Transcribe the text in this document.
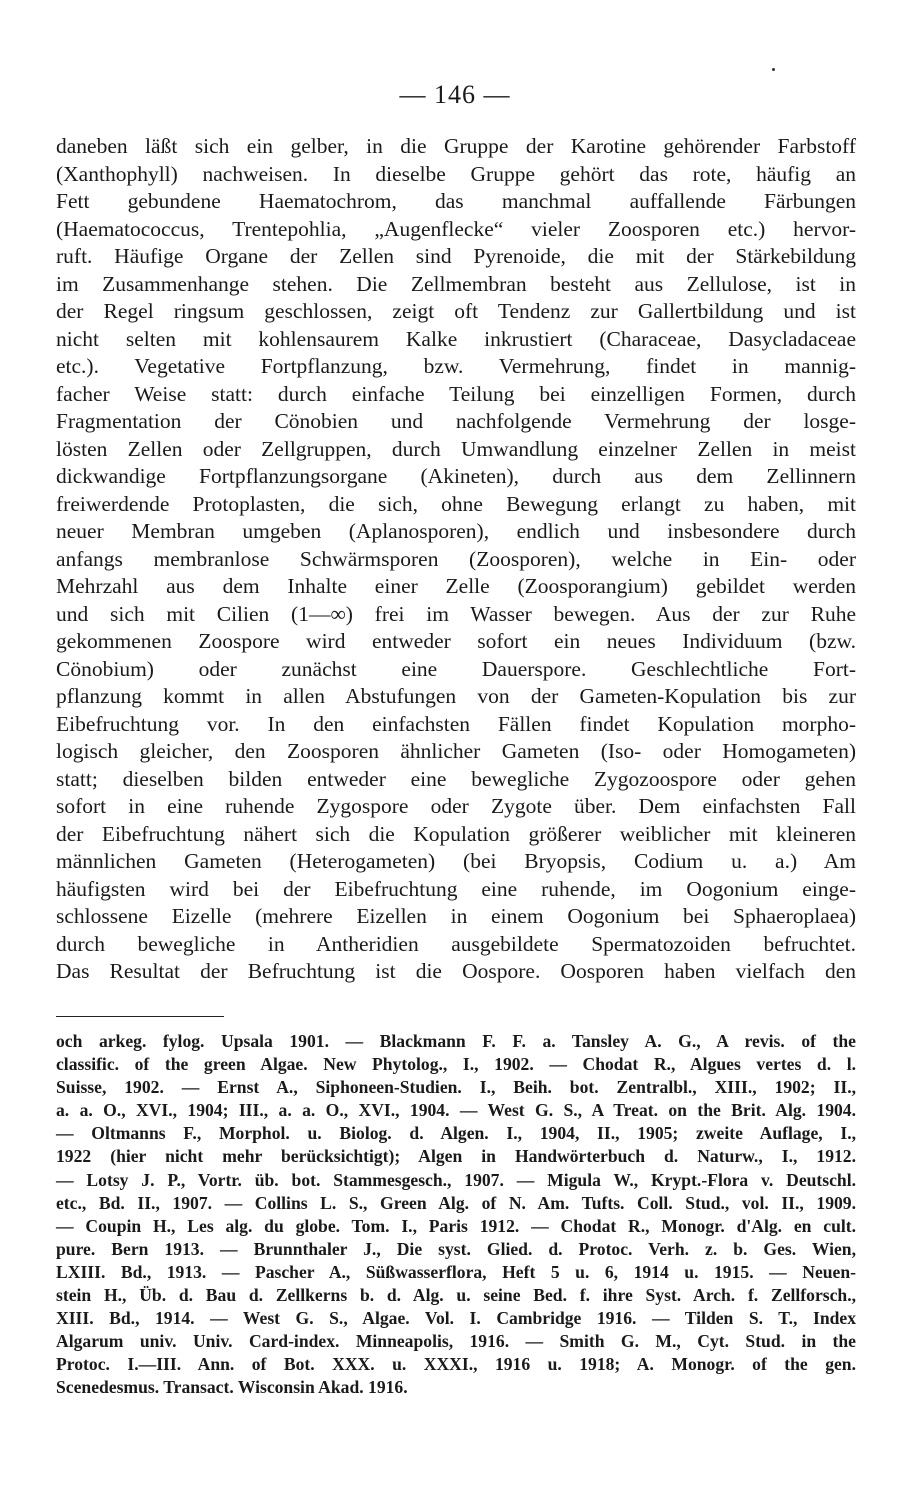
— 146 —
daneben läßt sich ein gelber, in die Gruppe der Karotine gehörender Farbstoff
(Xanthophyll) nachweisen. In dieselbe Gruppe gehört das rote, häufig an
Fett gebundene Haematochrom, das manchmal auffallende Färbungen
(Haematococcus, Trentepohlia, „Augenflecke“ vieler Zoosporen etc.) hervor-
ruft. Häufige Organe der Zellen sind Pyrenoide, die mit der Stärkebildung
im Zusammenhange stehen. Die Zellmembran besteht aus Zellulose, ist in
der Regel ringsum geschlossen, zeigt oft Tendenz zur Gallertbildung und ist
nicht selten mit kohlensaurem Kalke inkrustiert (Characeae, Dasycladaceae
etc.). Vegetative Fortpflanzung, bzw. Vermehrung, findet in mannig-
facher Weise statt: durch einfache Teilung bei einzelligen Formen, durch
Fragmentation der Cönobien und nachfolgende Vermehrung der losge-
lösten Zellen oder Zellgruppen, durch Umwandlung einzelner Zellen in meist
dickwandige Fortpflanzungsorgane (Akineten), durch aus dem Zellinnern
freiwerdende Protoplasten, die sich, ohne Bewegung erlangt zu haben, mit
neuer Membran umgeben (Aplanosporen), endlich und insbesondere durch
anfangs membranlose Schwärmsporen (Zoosporen), welche in Ein- oder
Mehrzahl aus dem Inhalte einer Zelle (Zoosporangium) gebildet werden
und sich mit Cilien (1—∞) frei im Wasser bewegen. Aus der zur Ruhe
gekommenen Zoospore wird entweder sofort ein neues Individuum (bzw.
Cönobium) oder zunächst eine Dauerspore. Geschlechtliche Fort-
pflanzung kommt in allen Abstufungen von der Gameten-Kopulation bis zur
Eibefruchtung vor. In den einfachsten Fällen findet Kopulation morpho-
logisch gleicher, den Zoosporen ähnlicher Gameten (Iso- oder Homogameten)
statt; dieselben bilden entweder eine bewegliche Zygozoospore oder gehen
sofort in eine ruhende Zygospore oder Zygote über. Dem einfachsten Fall
der Eibefruchtung nähert sich die Kopulation größerer weiblicher mit kleineren
männlichen Gameten (Heterogameten) (bei Bryopsis, Codium u. a.) Am
häufigsten wird bei der Eibefruchtung eine ruhende, im Oogonium einge-
schlossene Eizelle (mehrere Eizellen in einem Oogonium bei Sphaeroplaea)
durch bewegliche in Antheridien ausgebildete Spermatozoiden befruchtet.
Das Resultat der Befruchtung ist die Oospore. Oosporen haben vielfach den
och arkeg. fylog. Upsala 1901. — Blackmann F. F. a. Tansley A. G., A revis. of the
classific. of the green Algae. New Phytolog., I., 1902. — Chodat R., Algues vertes d. l.
Suisse, 1902. — Ernst A., Siphoneen-Studien. I., Beih. bot. Zentralbl., XIII., 1902; II.,
a. a. O., XVI., 1904; III., a. a. O., XVI., 1904. — West G. S., A Treat. on the Brit. Alg. 1904.
— Oltmanns F., Morphol. u. Biolog. d. Algen. I., 1904, II., 1905; zweite Auflage, I.,
1922 (hier nicht mehr berücksichtigt); Algen in Handwörterbuch d. Naturw., I., 1912.
— Lotsy J. P., Vortr. üb. bot. Stammesgesch., 1907. — Migula W., Krypt.-Flora v. Deutschl.
etc., Bd. II., 1907. — Collins L. S., Green Alg. of N. Am. Tufts. Coll. Stud., vol. II., 1909.
— Coupin H., Les alg. du globe. Tom. I., Paris 1912. — Chodat R., Monogr. d'Alg. en cult.
pure. Bern 1913. — Brunnthaler J., Die syst. Glied. d. Protoc. Verh. z. b. Ges. Wien,
LXIII. Bd., 1913. — Pascher A., Süßwasserflora, Heft 5 u. 6, 1914 u. 1915. — Neuen-
stein H., Üb. d. Bau d. Zellkerns b. d. Alg. u. seine Bed. f. ihre Syst. Arch. f. Zellforsch.,
XIII. Bd., 1914. — West G. S., Algae. Vol. I. Cambridge 1916. — Tilden S. T., Index
Algarum univ. Univ. Card-index. Minneapolis, 1916. — Smith G. M., Cyt. Stud. in the
Protoc. I.—III. Ann. of Bot. XXX. u. XXXI., 1916 u. 1918; A. Monogr. of the gen.
Scenedesmus. Transact. Wisconsin Akad. 1916.
